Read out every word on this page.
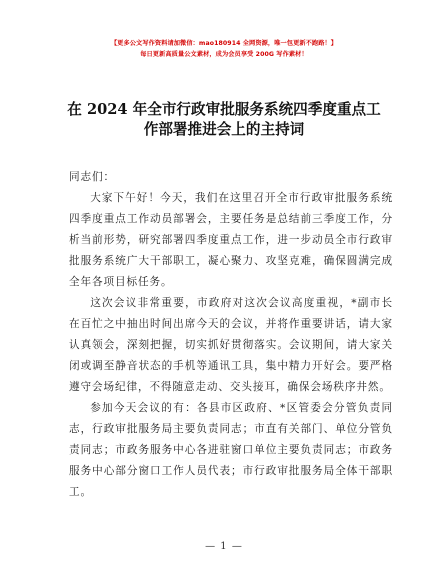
【更多公文写作资料请加微信：mao180914 全网资源，唯一包更新不跑路！】
每日更新高质量公文素材，成为会员享受 200G 写作素材！
在 2024 年全市行政审批服务系统四季度重点工
作部署推进会上的主持词

同志们：

大家下午好！今天，我们在这里召开全市行政审批服务系统四季度重点工作动员部署会，主要任务是总结前三季度工作，分析当前形势，研究部署四季度重点工作，进一步动员全市行政审批服务系统广大干部职工，凝心聚力、攻坚克难，确保圆满完成全年各项目标任务。

这次会议非常重要，市政府对这次会议高度重视，*副市长在百忙之中抽出时间出席今天的会议，并将作重要讲话，请大家认真领会，深刻把握，切实抓好贯彻落实。会议期间，请大家关闭或调至静音状态的手机等通讯工具，集中精力开好会。要严格遵守会场纪律，不得随意走动、交头接耳，确保会场秩序井然。

参加今天会议的有：各县市区政府、*区管委会分管负责同志，行政审批服务局主要负责同志；市直有关部门、单位分管负责同志；市政务服务中心各进驻窗口单位主要负责同志；市政务服务中心部分窗口工作人员代表；市行政审批服务局全体干部职工。

— 1 —
